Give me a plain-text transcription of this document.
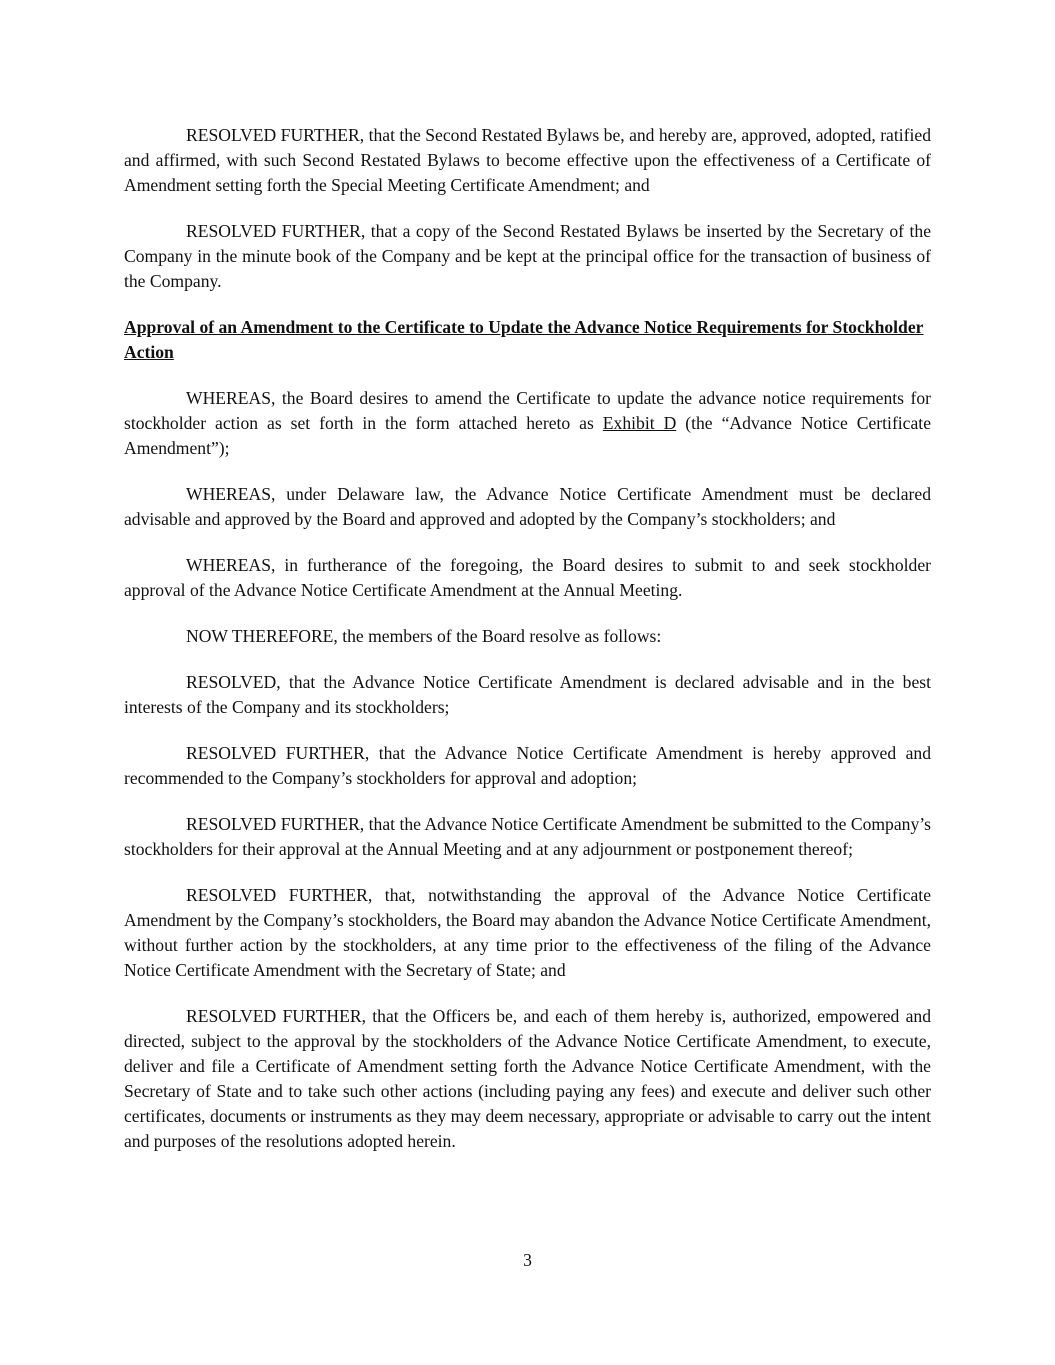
RESOLVED FURTHER, that the Second Restated Bylaws be, and hereby are, approved, adopted, ratified and affirmed, with such Second Restated Bylaws to become effective upon the effectiveness of a Certificate of Amendment setting forth the Special Meeting Certificate Amendment; and

RESOLVED FURTHER, that a copy of the Second Restated Bylaws be inserted by the Secretary of the Company in the minute book of the Company and be kept at the principal office for the transaction of business of the Company.

Approval of an Amendment to the Certificate to Update the Advance Notice Requirements for Stockholder Action

WHEREAS, the Board desires to amend the Certificate to update the advance notice requirements for stockholder action as set forth in the form attached hereto as Exhibit D (the “Advance Notice Certificate Amendment”);

WHEREAS, under Delaware law, the Advance Notice Certificate Amendment must be declared advisable and approved by the Board and approved and adopted by the Company’s stockholders; and

WHEREAS, in furtherance of the foregoing, the Board desires to submit to and seek stockholder approval of the Advance Notice Certificate Amendment at the Annual Meeting.

NOW THEREFORE, the members of the Board resolve as follows:

RESOLVED, that the Advance Notice Certificate Amendment is declared advisable and in the best interests of the Company and its stockholders;

RESOLVED FURTHER, that the Advance Notice Certificate Amendment is hereby approved and recommended to the Company’s stockholders for approval and adoption;

RESOLVED FURTHER, that the Advance Notice Certificate Amendment be submitted to the Company’s stockholders for their approval at the Annual Meeting and at any adjournment or postponement thereof;

RESOLVED FURTHER, that, notwithstanding the approval of the Advance Notice Certificate Amendment by the Company’s stockholders, the Board may abandon the Advance Notice Certificate Amendment, without further action by the stockholders, at any time prior to the effectiveness of the filing of the Advance Notice Certificate Amendment with the Secretary of State; and

RESOLVED FURTHER, that the Officers be, and each of them hereby is, authorized, empowered and directed, subject to the approval by the stockholders of the Advance Notice Certificate Amendment, to execute, deliver and file a Certificate of Amendment setting forth the Advance Notice Certificate Amendment, with the Secretary of State and to take such other actions (including paying any fees) and execute and deliver such other certificates, documents or instruments as they may deem necessary, appropriate or advisable to carry out the intent and purposes of the resolutions adopted herein.

3
